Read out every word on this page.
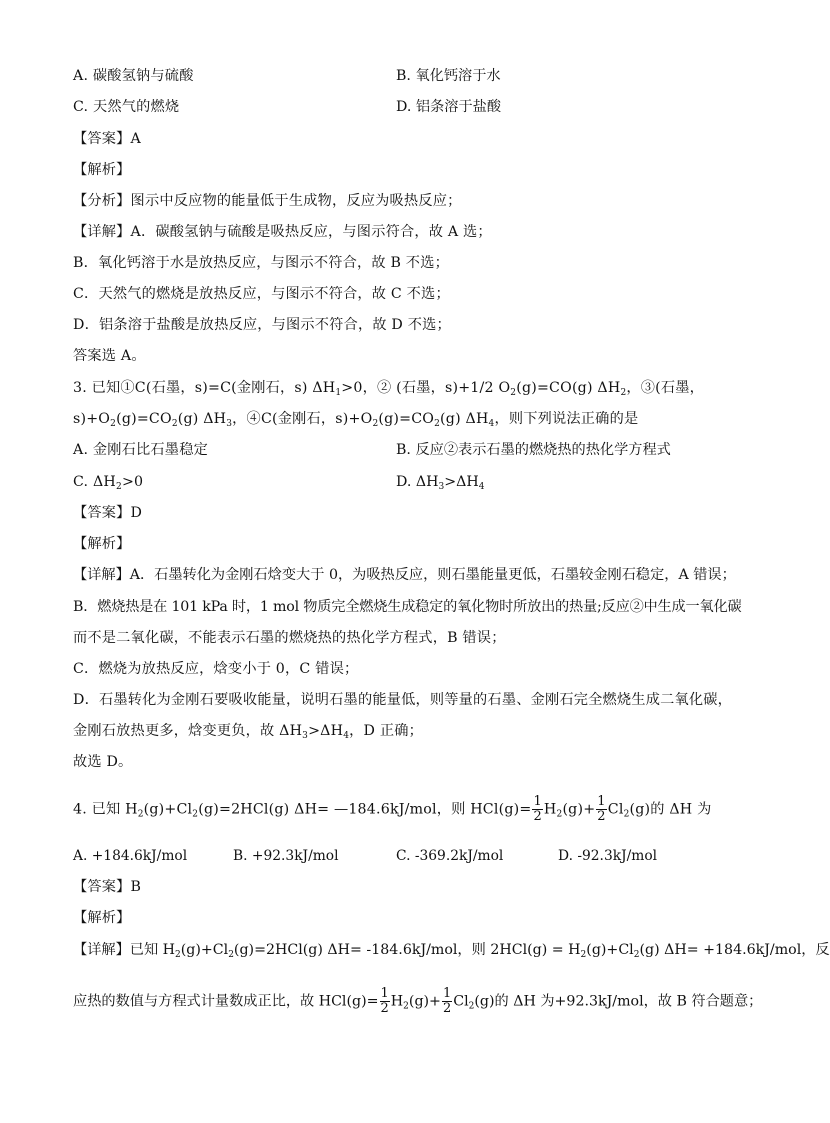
A. 碳酸氢钠与硫酸	B. 氧化钙溶于水
C. 天然气的燃烧	D. 铝条溶于盐酸
【答案】A
【解析】
【分析】图示中反应物的能量低于生成物，反应为吸热反应；
【详解】A．碳酸氢钠与硫酸是吸热反应，与图示符合，故 A 选；
B．氧化钙溶于水是放热反应，与图示不符合，故 B 不选；
C．天然气的燃烧是放热反应，与图示不符合，故 C 不选；
D．铝条溶于盐酸是放热反应，与图示不符合，故 D 不选；
答案选 A。
3. 已知①C(石墨，s)=C(金刚石，s) $\Delta H_1>0$，② (石墨，s)+1/2 $O_2(g)=CO(g)$ $\Delta H_2$，③(石墨，
$s)+O_2(g)=CO_2(g)$ $\Delta H_3$，④C(金刚石，$s)+O_2(g)=CO_2(g)$ $\Delta H_4$，则下列说法正确的是
A. 金刚石比石墨稳定	B. 反应②表示石墨的燃烧热的热化学方程式
C. $\Delta H_2>0$	D. $\Delta H_3>\Delta H_4$
【答案】D
【解析】
【详解】A．石墨转化为金刚石焓变大于 0，为吸热反应，则石墨能量更低，石墨较金刚石稳定，A 错误；
B．燃烧热是在 101 kPa 时，1 mol 物质完全燃烧生成稳定的氧化物时所放出的热量;反应②中生成一氧化碳
而不是二氧化碳，不能表示石墨的燃烧热的热化学方程式，B 错误；
C．燃烧为放热反应，焓变小于 0，C 错误；
D．石墨转化为金刚石要吸收能量，说明石墨的能量低，则等量的石墨、金刚石完全燃烧生成二氧化碳，
金刚石放热更多，焓变更负，故 $\Delta H_3>\Delta H_4$，D 正确；
故选 D。
4. 已知 $H_2(g)+Cl_2(g)=2HCl(g)$ ΔH= —184.6kJ/mol，则 $HCl(g)= \frac{1}{2} H_2(g)+ \frac{1}{2} Cl_2(g)$的 ΔH 为
A. +184.6kJ/mol	B. +92.3kJ/mol	C. -369.2kJ/mol	D. -92.3kJ/mol
【答案】B
【解析】
【详解】已知 $H_2(g)+Cl_2(g)=2HCl(g)$ ΔH= -184.6kJ/mol，则 $2HCl(g) = H_2(g)+Cl_2(g)$ ΔH= +184.6kJ/mol，反
应热的数值与方程式计量数成正比，故 $HCl(g)= \frac{1}{2} H_2(g)+ \frac{1}{2} Cl_2(g)$的 ΔH 为+92.3kJ/mol，故 B 符合题意；
